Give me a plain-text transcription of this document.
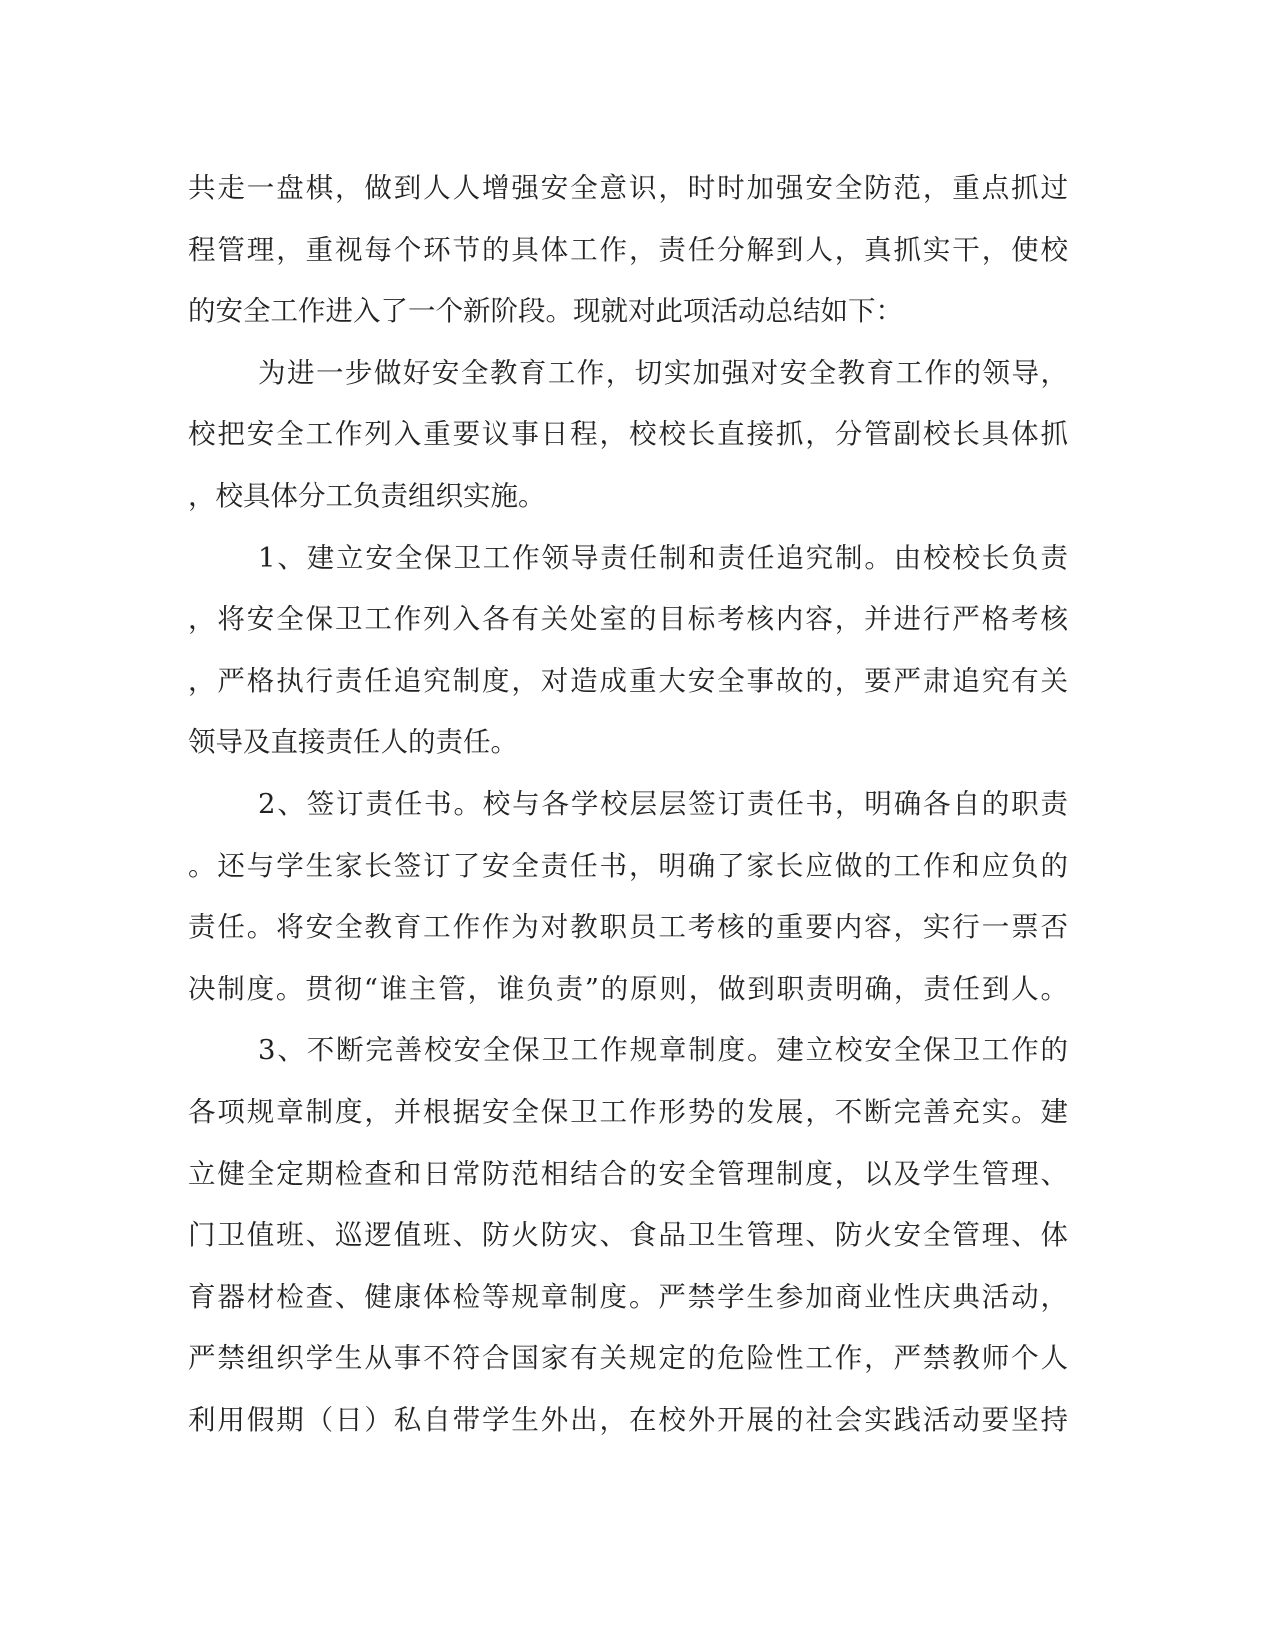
共走一盘棋，做到人人增强安全意识，时时加强安全防范，重点抓过
程管理，重视每个环节的具体工作，责任分解到人，真抓实干，使校
的安全工作进入了一个新阶段。现就对此项活动总结如下：
为进一步做好安全教育工作，切实加强对安全教育工作的领导，
校把安全工作列入重要议事日程，校校长直接抓，分管副校长具体抓
，校具体分工负责组织实施。
1、建立安全保卫工作领导责任制和责任追究制。由校校长负责
，将安全保卫工作列入各有关处室的目标考核内容，并进行严格考核
，严格执行责任追究制度，对造成重大安全事故的，要严肃追究有关
领导及直接责任人的责任。
2、签订责任书。校与各学校层层签订责任书，明确各自的职责
。还与学生家长签订了安全责任书，明确了家长应做的工作和应负的
责任。将安全教育工作作为对教职员工考核的重要内容，实行一票否
决制度。贯彻“谁主管，谁负责”的原则，做到职责明确，责任到人。
3、不断完善校安全保卫工作规章制度。建立校安全保卫工作的
各项规章制度，并根据安全保卫工作形势的发展，不断完善充实。建
立健全定期检查和日常防范相结合的安全管理制度，以及学生管理、
门卫值班、巡逻值班、防火防灾、食品卫生管理、防火安全管理、体
育器材检查、健康体检等规章制度。严禁学生参加商业性庆典活动，
严禁组织学生从事不符合国家有关规定的危险性工作，严禁教师个人
利用假期（日）私自带学生外出，在校外开展的社会实践活动要坚持
